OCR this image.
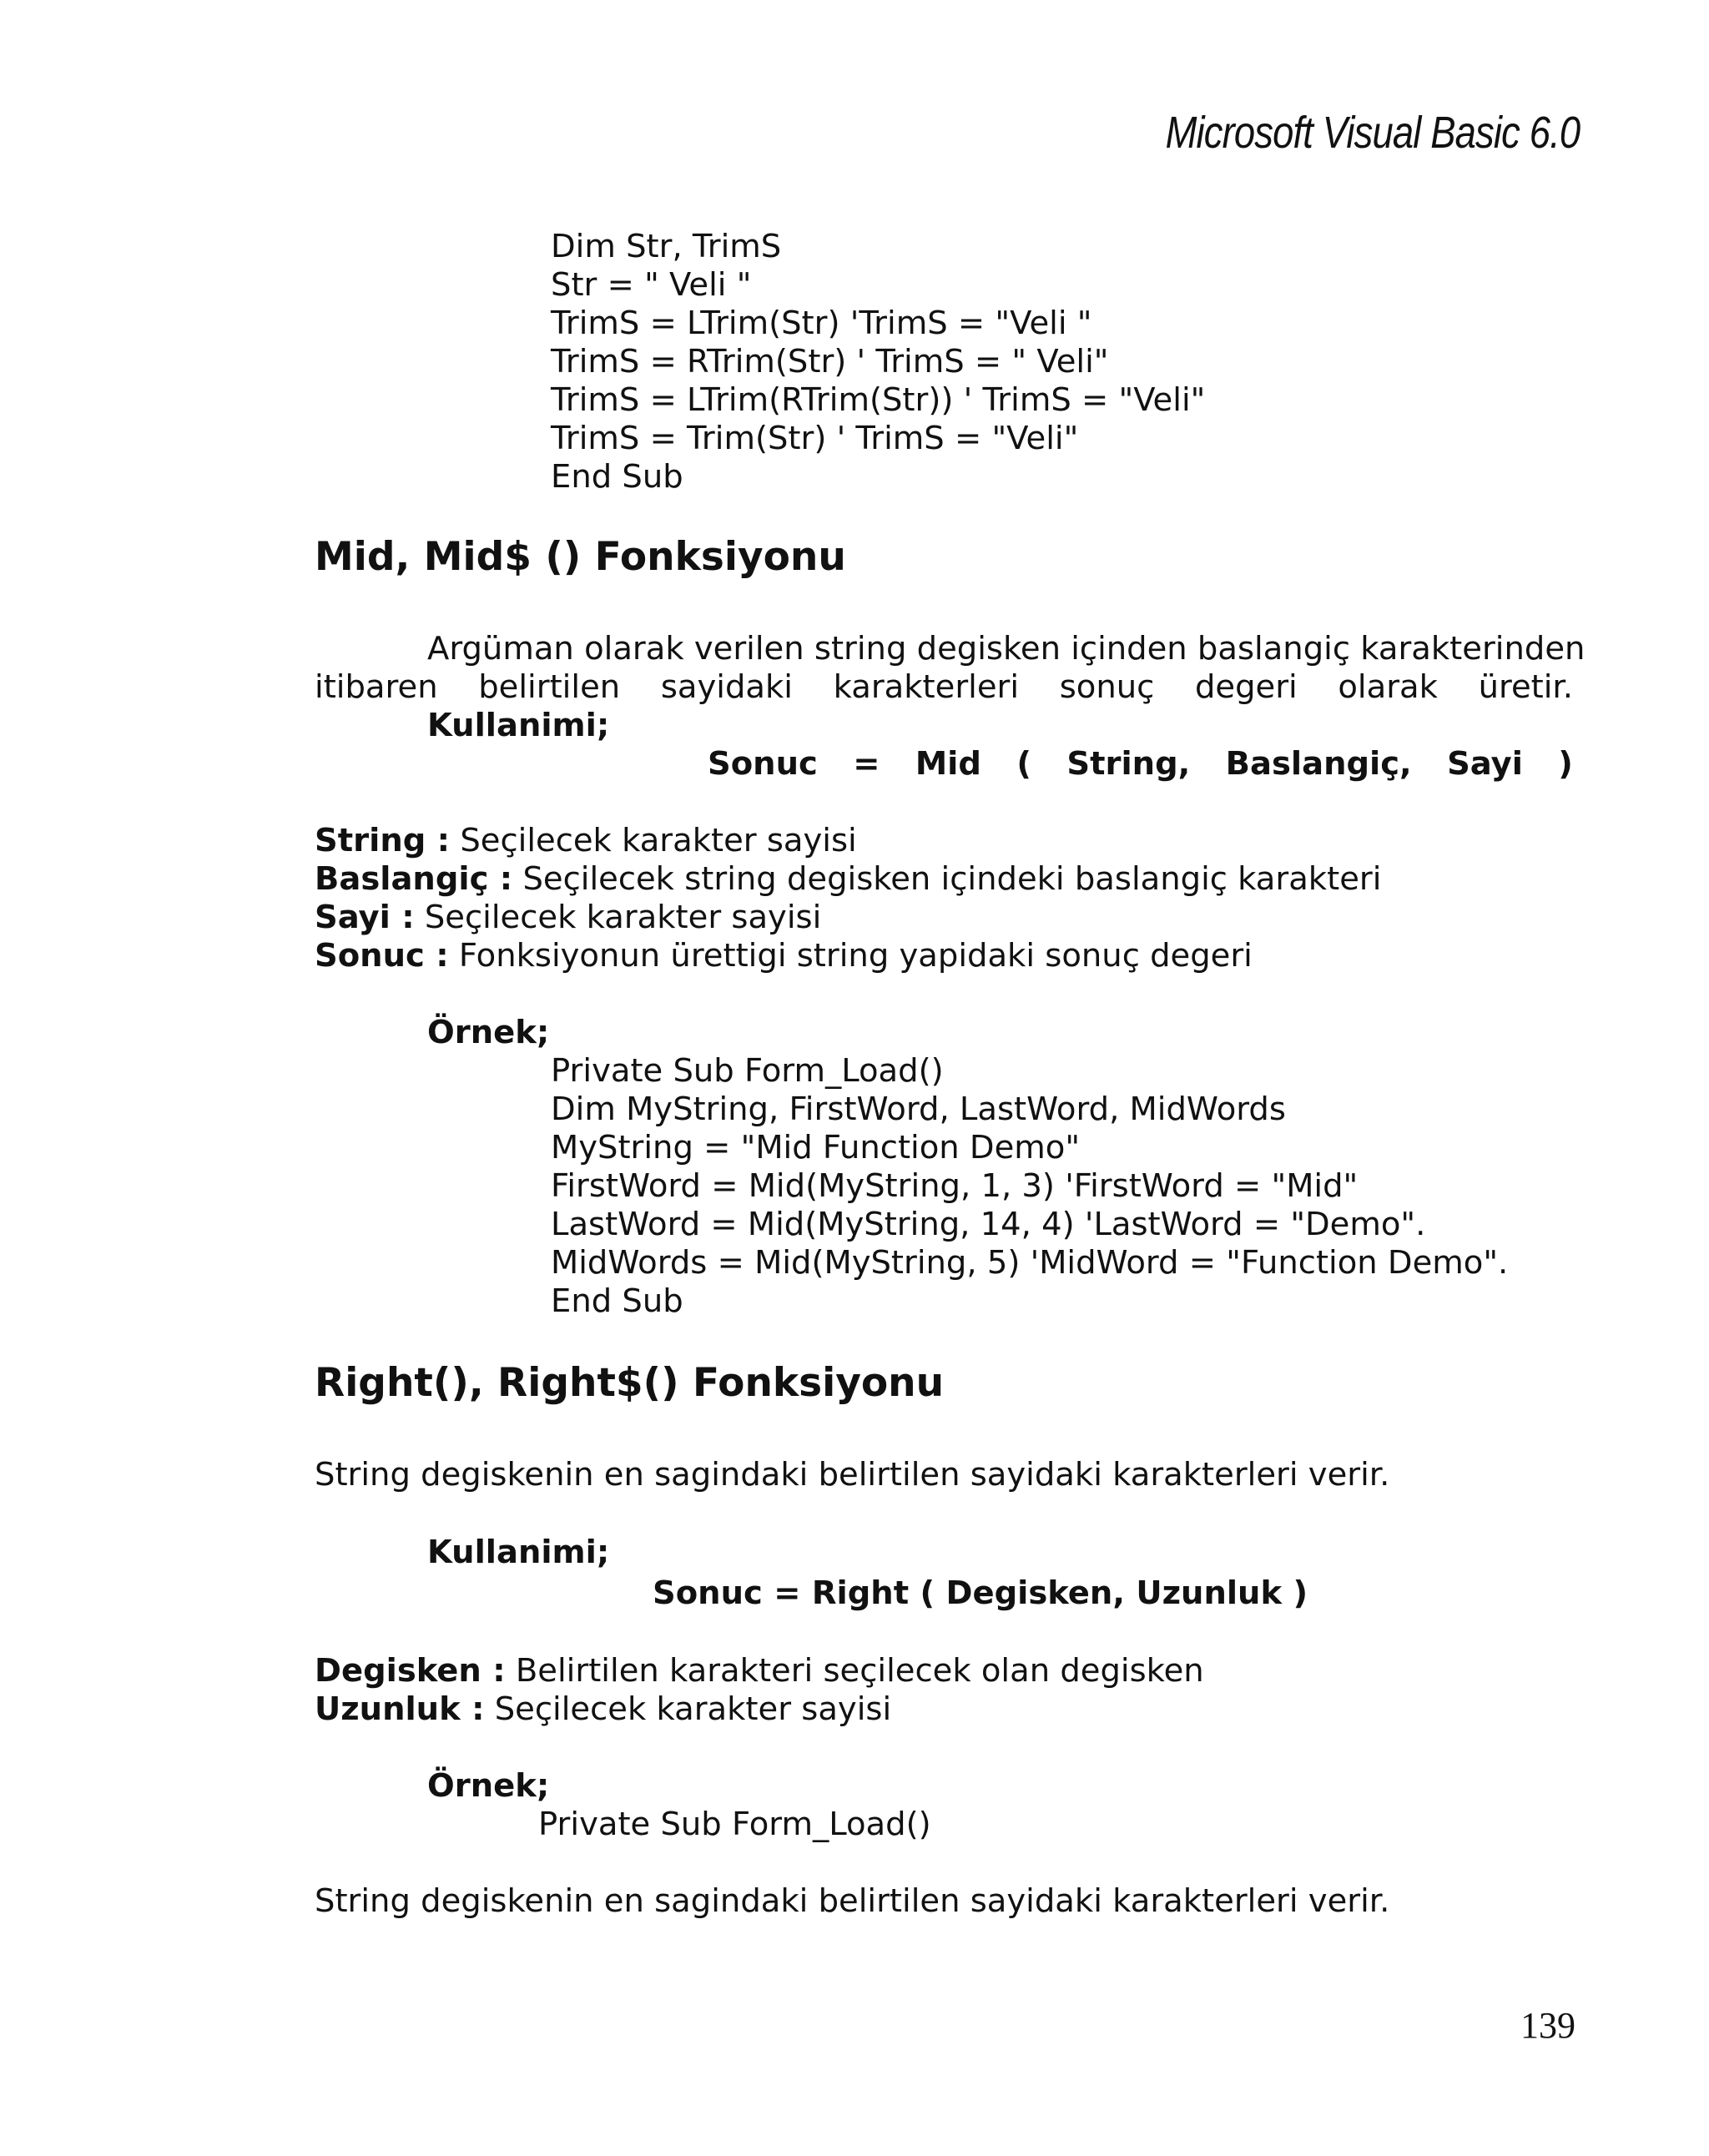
Microsoft Visual Basic 6.0
Dim Str, TrimS
Str = " Veli "
TrimS = LTrim(Str) 'TrimS = "Veli "
TrimS = RTrim(Str) ' TrimS = " Veli"
TrimS = LTrim(RTrim(Str)) ' TrimS = "Veli"
TrimS = Trim(Str) ' TrimS = "Veli"
End Sub
Mid, Mid$ () Fonksiyonu
Argüman olarak verilen string degisken içinden baslangiç karakterinden
itibaren belirtilen sayidaki karakterleri sonuç degeri olarak üretir.
Kullanimi;
Sonuc = Mid ( String, Baslangiç, Sayi )
String : Seçilecek karakter sayisi
Baslangiç : Seçilecek string degisken içindeki baslangiç karakteri
Sayi : Seçilecek karakter sayisi
Sonuc : Fonksiyonun ürettigi string yapidaki sonuç degeri
Örnek;
Private Sub Form_Load()
Dim MyString, FirstWord, LastWord, MidWords
MyString = "Mid Function Demo"
FirstWord = Mid(MyString, 1, 3) 'FirstWord = "Mid"
LastWord = Mid(MyString, 14, 4) 'LastWord = "Demo".
MidWords = Mid(MyString, 5) 'MidWord = "Function Demo".
End Sub
Right(), Right$() Fonksiyonu
String degiskenin en sagindaki belirtilen sayidaki karakterleri verir.
Kullanimi;
Sonuc = Right ( Degisken, Uzunluk )
Degisken : Belirtilen karakteri seçilecek olan degisken
Uzunluk : Seçilecek karakter sayisi
Örnek;
Private Sub Form_Load()
String degiskenin en sagindaki belirtilen sayidaki karakterleri verir.
139
